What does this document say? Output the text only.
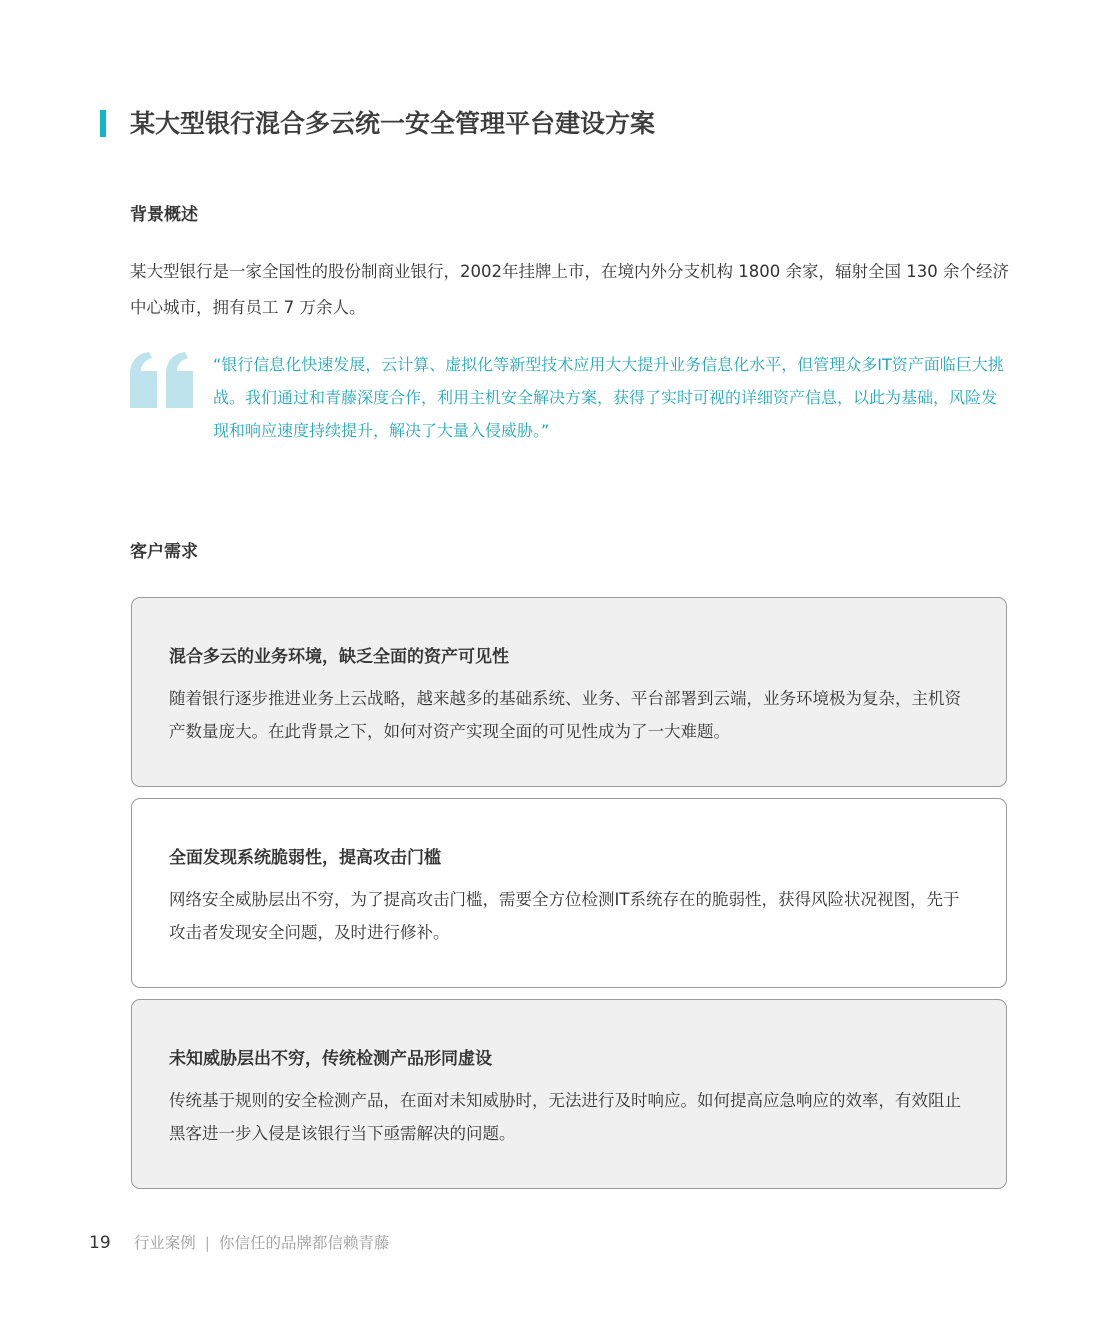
某大型银行混合多云统一安全管理平台建设方案
背景概述
某大型银行是一家全国性的股份制商业银行，2002年挂牌上市，在境内外分支机构 1800 余家，辐射全国 130 余个经济中心城市，拥有员工 7 万余人。
“银行信息化快速发展，云计算、虚拟化等新型技术应用大大提升业务信息化水平，但管理众多IT资产面临巨大挑战。我们通过和青藤深度合作，利用主机安全解决方案，获得了实时可视的详细资产信息，以此为基础，风险发现和响应速度持续提升，解决了大量入侵威胁。”
客户需求

混合多云的业务环境，缺乏全面的资产可见性

随着银行逐步推进业务上云战略，越来越多的基础系统、业务、平台部署到云端，业务环境极为复杂，主机资产数量庞大。在此背景之下，如何对资产实现全面的可见性成为了一大难题。

全面发现系统脆弱性，提高攻击门槛

网络安全威胁层出不穷，为了提高攻击门槛，需要全方位检测IT系统存在的脆弱性，获得风险状况视图，先于攻击者发现安全问题，及时进行修补。

未知威胁层出不穷，传统检测产品形同虚设

传统基于规则的安全检测产品，在面对未知威胁时，无法进行及时响应。如何提高应急响应的效率，有效阻止黑客进一步入侵是该银行当下亟需解决的问题。

19 行业案例 | 你信任的品牌都信赖青藤
